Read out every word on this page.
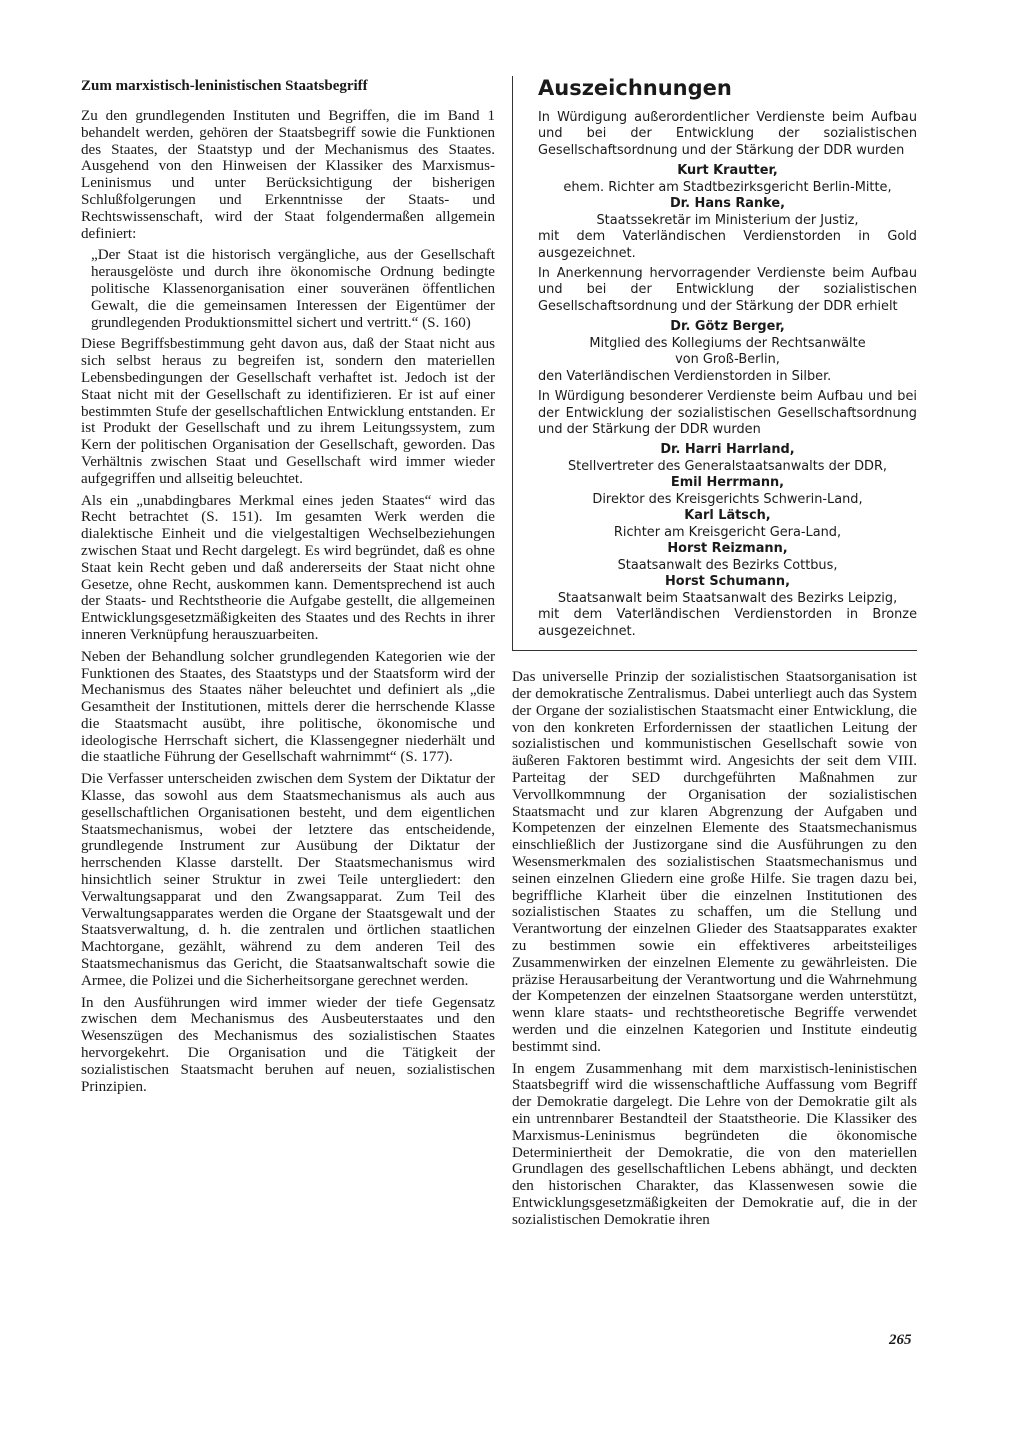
Zum marxistisch-leninistischen Staatsbegriff

Zu den grundlegenden Instituten und Begriffen, die im Band 1 behandelt werden, gehören der Staatsbegriff sowie die Funktionen des Staates, der Staatstyp und der Mechanismus des Staates. Ausgehend von den Hinweisen der Klassiker des Marxismus-Leninismus und unter Berücksichtigung der bisherigen Schlußfolgerungen und Erkenntnisse der Staats- und Rechtswissenschaft, wird der Staat folgendermaßen allgemein definiert:

„Der Staat ist die historisch vergängliche, aus der Gesellschaft herausgelöste und durch ihre ökonomische Ordnung bedingte politische Klassenorganisation einer souveränen öffentlichen Gewalt, die die gemeinsamen Interessen der Eigentümer der grundlegenden Produktionsmittel sichert und vertritt.“ (S. 160)

Diese Begriffsbestimmung geht davon aus, daß der Staat nicht aus sich selbst heraus zu begreifen ist, sondern den materiellen Lebensbedingungen der Gesellschaft verhaftet ist. Jedoch ist der Staat nicht mit der Gesellschaft zu identifizieren. Er ist auf einer bestimmten Stufe der gesellschaftlichen Entwicklung entstanden. Er ist Produkt der Gesellschaft und zu ihrem Leitungssystem, zum Kern der politischen Organisation der Gesellschaft, geworden. Das Verhältnis zwischen Staat und Gesellschaft wird immer wieder aufgegriffen und allseitig beleuchtet.

Als ein „unabdingbares Merkmal eines jeden Staates“ wird das Recht betrachtet (S. 151). Im gesamten Werk werden die dialektische Einheit und die vielgestaltigen Wechselbeziehungen zwischen Staat und Recht dargelegt. Es wird begründet, daß es ohne Staat kein Recht geben und daß andererseits der Staat nicht ohne Gesetze, ohne Recht, auskommen kann. Dementsprechend ist auch der Staats- und Rechtstheorie die Aufgabe gestellt, die allgemeinen Entwicklungsgesetzmäßigkeiten des Staates und des Rechts in ihrer inneren Verknüpfung herauszuarbeiten.

Neben der Behandlung solcher grundlegenden Kategorien wie der Funktionen des Staates, des Staatstyps und der Staatsform wird der Mechanismus des Staates näher beleuchtet und definiert als „die Gesamtheit der Institutionen, mittels derer die herrschende Klasse die Staatsmacht ausübt, ihre politische, ökonomische und ideologische Herrschaft sichert, die Klassengegner niederhält und die staatliche Führung der Gesellschaft wahrnimmt“ (S. 177).

Die Verfasser unterscheiden zwischen dem System der Diktatur der Klasse, das sowohl aus dem Staatsmechanismus als auch aus gesellschaftlichen Organisationen besteht, und dem eigentlichen Staatsmechanismus, wobei der letztere das entscheidende, grundlegende Instrument zur Ausübung der Diktatur der herrschenden Klasse darstellt. Der Staatsmechanismus wird hinsichtlich seiner Struktur in zwei Teile untergliedert: den Verwaltungsapparat und den Zwangsapparat. Zum Teil des Verwaltungsapparates werden die Organe der Staatsgewalt und der Staatsverwaltung, d. h. die zentralen und örtlichen staatlichen Machtorgane, gezählt, während zu dem anderen Teil des Staatsmechanismus das Gericht, die Staatsanwaltschaft sowie die Armee, die Polizei und die Sicherheitsorgane gerechnet werden.

In den Ausführungen wird immer wieder der tiefe Gegensatz zwischen dem Mechanismus des Ausbeuterstaates und den Wesenszügen des Mechanismus des sozialistischen Staates hervorgekehrt. Die Organisation und die Tätigkeit der sozialistischen Staatsmacht beruhen auf neuen, sozialistischen Prinzipien.

Auszeichnungen

In Würdigung außerordentlicher Verdienste beim Aufbau und bei der Entwicklung der sozialistischen Gesellschaftsordnung und der Stärkung der DDR wurden

Kurt Krautter,

ehem. Richter am Stadtbezirksgericht Berlin-Mitte,

Dr. Hans Ranke,

Staatssekretär im Ministerium der Justiz,

mit dem Vaterländischen Verdienstorden in Gold ausgezeichnet.

In Anerkennung hervorragender Verdienste beim Aufbau und bei der Entwicklung der sozialistischen Gesellschaftsordnung und der Stärkung der DDR erhielt

Dr. Götz Berger,

Mitglied des Kollegiums der Rechtsanwälte

von Groß-Berlin,

den Vaterländischen Verdienstorden in Silber.

In Würdigung besonderer Verdienste beim Aufbau und bei der Entwicklung der sozialistischen Gesellschaftsordnung und der Stärkung der DDR wurden

Dr. Harri Harrland,

Stellvertreter des Generalstaatsanwalts der DDR,

Emil Herrmann,

Direktor des Kreisgerichts Schwerin-Land,

Karl Lätsch,

Richter am Kreisgericht Gera-Land,

Horst Reizmann,

Staatsanwalt des Bezirks Cottbus,

Horst Schumann,

Staatsanwalt beim Staatsanwalt des Bezirks Leipzig,

mit dem Vaterländischen Verdienstorden in Bronze ausgezeichnet.

Das universelle Prinzip der sozialistischen Staatsorganisation ist der demokratische Zentralismus. Dabei unterliegt auch das System der Organe der sozialistischen Staatsmacht einer Entwicklung, die von den konkreten Erfordernissen der staatlichen Leitung der sozialistischen und kommunistischen Gesellschaft sowie von äußeren Faktoren bestimmt wird. Angesichts der seit dem VIII. Parteitag der SED durchgeführten Maßnahmen zur Vervollkommnung der Organisation der sozialistischen Staatsmacht und zur klaren Abgrenzung der Aufgaben und Kompetenzen der einzelnen Elemente des Staatsmechanismus einschließlich der Justizorgane sind die Ausführungen zu den Wesensmerkmalen des sozialistischen Staatsmechanismus und seinen einzelnen Gliedern eine große Hilfe. Sie tragen dazu bei, begriffliche Klarheit über die einzelnen Institutionen des sozialistischen Staates zu schaffen, um die Stellung und Verantwortung der einzelnen Glieder des Staatsapparates exakter zu bestimmen sowie ein effektiveres arbeitsteiliges Zusammenwirken der einzelnen Elemente zu gewährleisten. Die präzise Herausarbeitung der Verantwortung und die Wahrnehmung der Kompetenzen der einzelnen Staatsorgane werden unterstützt, wenn klare staats- und rechtstheoretische Begriffe verwendet werden und die einzelnen Kategorien und Institute eindeutig bestimmt sind.

In engem Zusammenhang mit dem marxistisch-leninistischen Staatsbegriff wird die wissenschaftliche Auffassung vom Begriff der Demokratie dargelegt. Die Lehre von der Demokratie gilt als ein untrennbarer Bestandteil der Staatstheorie. Die Klassiker des Marxismus-Leninismus begründeten die ökonomische Determiniertheit der Demokratie, die von den materiellen Grundlagen des gesellschaftlichen Lebens abhängt, und deckten den historischen Charakter, das Klassenwesen sowie die Entwicklungsgesetzmäßigkeiten der Demokratie auf, die in der sozialistischen Demokratie ihren

265
